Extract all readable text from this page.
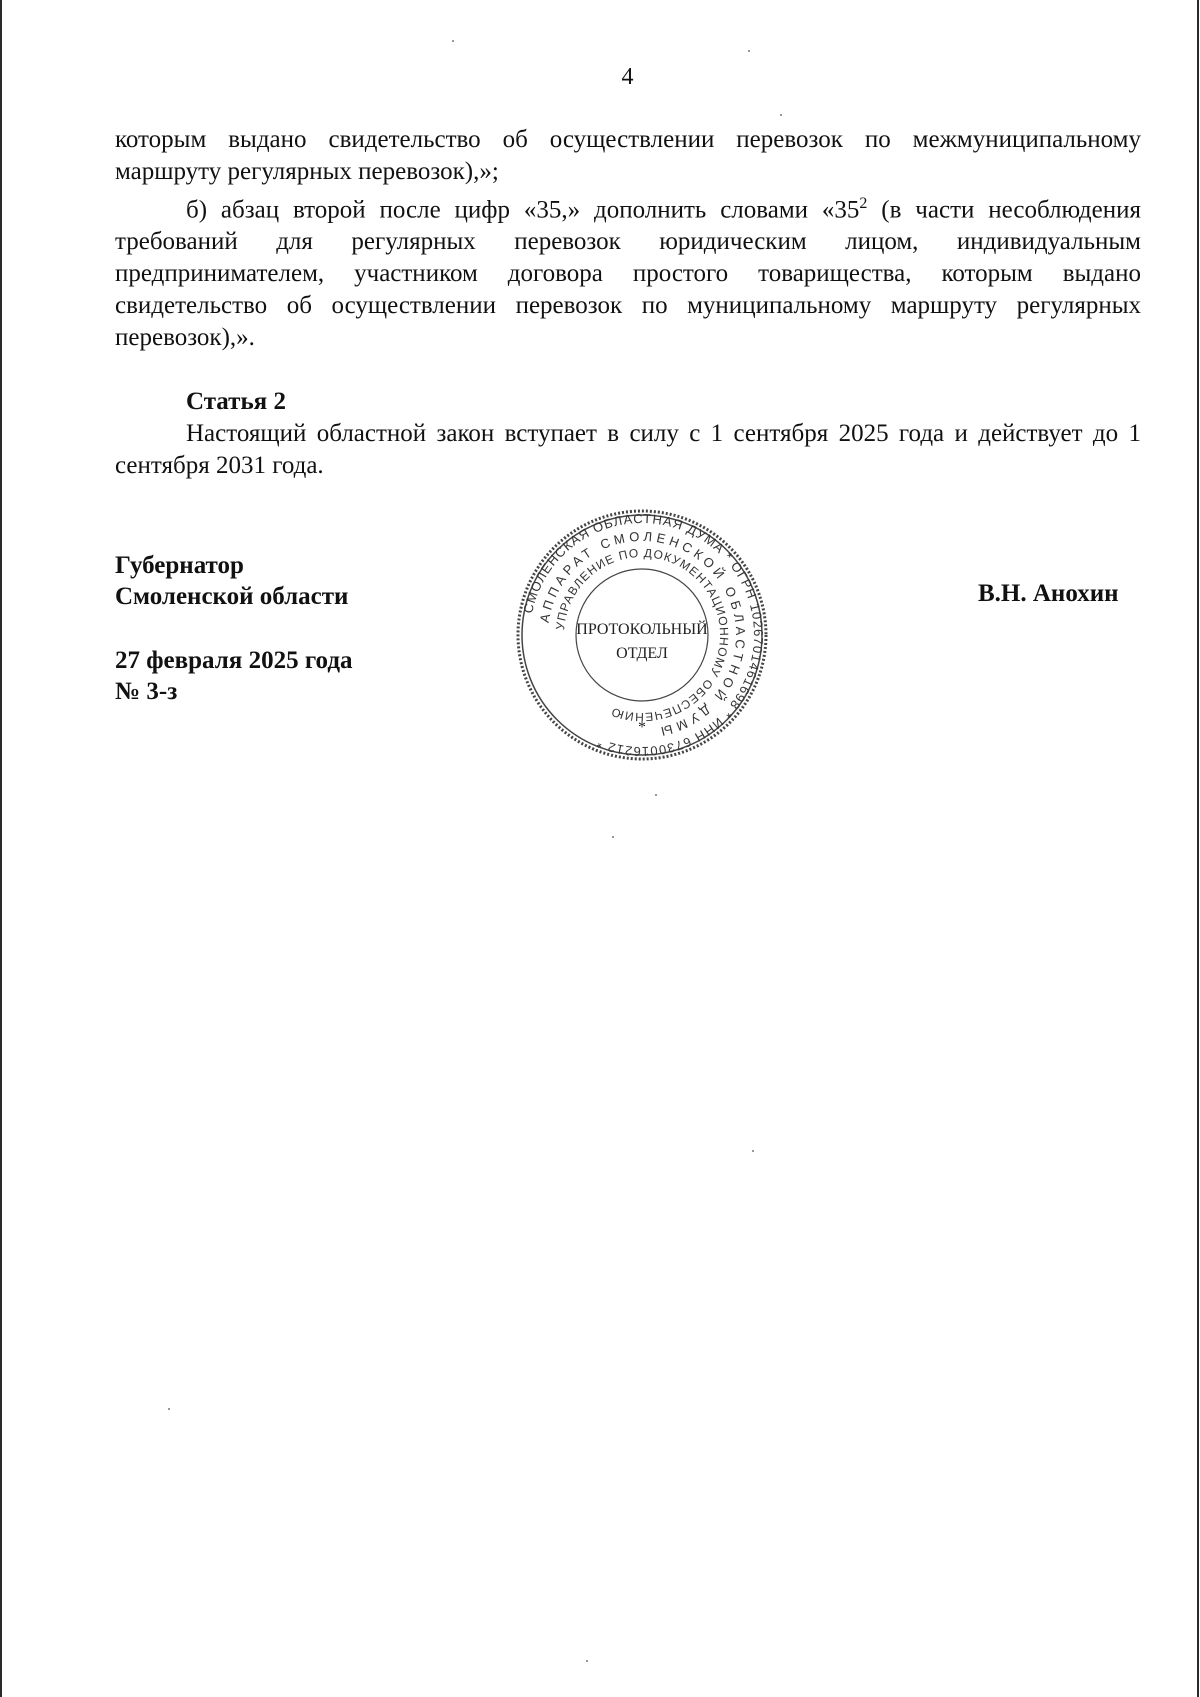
4

которым выдано свидетельство об осуществлении перевозок по межмуниципальному маршруту регулярных перевозок),»;

б) абзац второй после цифр «35,» дополнить словами «$35^2$ (в части несоблюдения требований для регулярных перевозок юридическим лицом, индивидуальным предпринимателем, участником договора простого товарищества, которым выдано свидетельство об осуществлении перевозок по муниципальному маршруту регулярных перевозок),».

Статья 2

Настоящий областной закон вступает в силу с 1 сентября 2025 года и действует до 1 сентября 2031 года.

Губернатор
Смоленской области
27 февраля 2025 года
№ 3-з
В.Н. Анохин
СМОЛЕНСКАЯ ОБЛАСТНАЯ ДУМА * ОГРН 1026701461698 * ИНН 6730016212 *
АППАРАТ СМОЛЕНСКОЙ ОБЛАСТНОЙ ДУМЫ
УПРАВЛЕНИЕ ПО ДОКУМЕНТАЦИОННОМУ ОБЕСПЕЧЕНИЮ
ПРОТОКОЛЬНЫЙ
ОТДЕЛ
*
